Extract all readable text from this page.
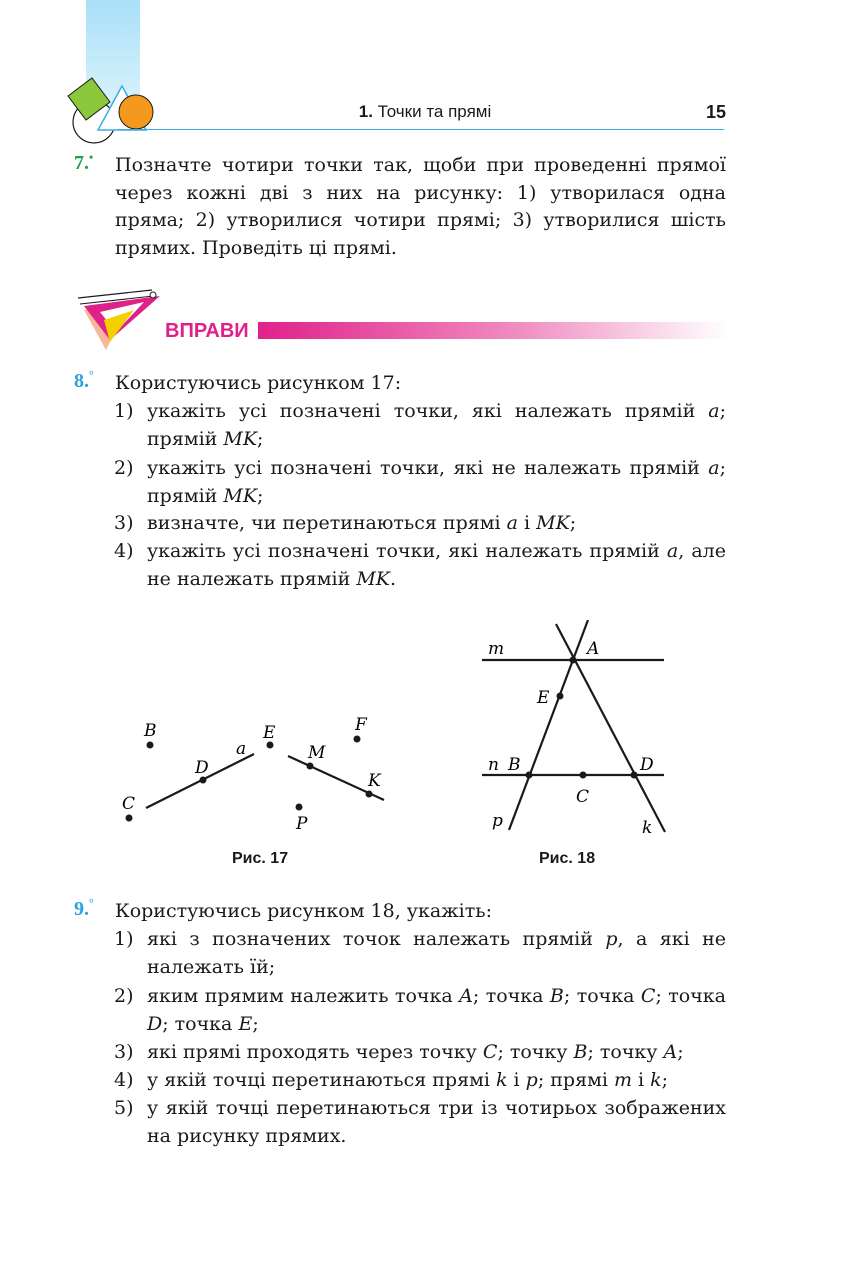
1. Точки та прямі	15
7.• Позначте чотири точки так, щоби при проведенні прямої через кожні дві з них на рисунку: 1) утворилася одна пряма; 2) утворилися чотири прямі; 3) утворилися шість прямих. Проведіть ці прямі.
ВПРАВИ
8.° Користуючись рисунком 17:
1) укажіть усі позначені точки, які належать прямій a; прямій MK;
2) укажіть усі позначені точки, які не належать прямій a; прямій MK;
3) визначте, чи перетинаються прямі a і MK;
4) укажіть усі позначені точки, які належать прямій a, але не належать прямій MK.
B
a
E	F
D
M
K
C
P
Рис. 17
m	A
E
n B	D
C
p	k
Рис. 18
9.° Користуючись рисунком 18, укажіть:
1) які з позначених точок належать прямій p, а які не належать їй;
2) яким прямим належить точка A; точка B; точка C; точка D; точка E;
3) які прямі проходять через точку C; точку B; точку A;
4) у якій точці перетинаються прямі k і p; прямі m і k;
5) у якій точці перетинаються три із чотирьох зображених на рисунку прямих.
